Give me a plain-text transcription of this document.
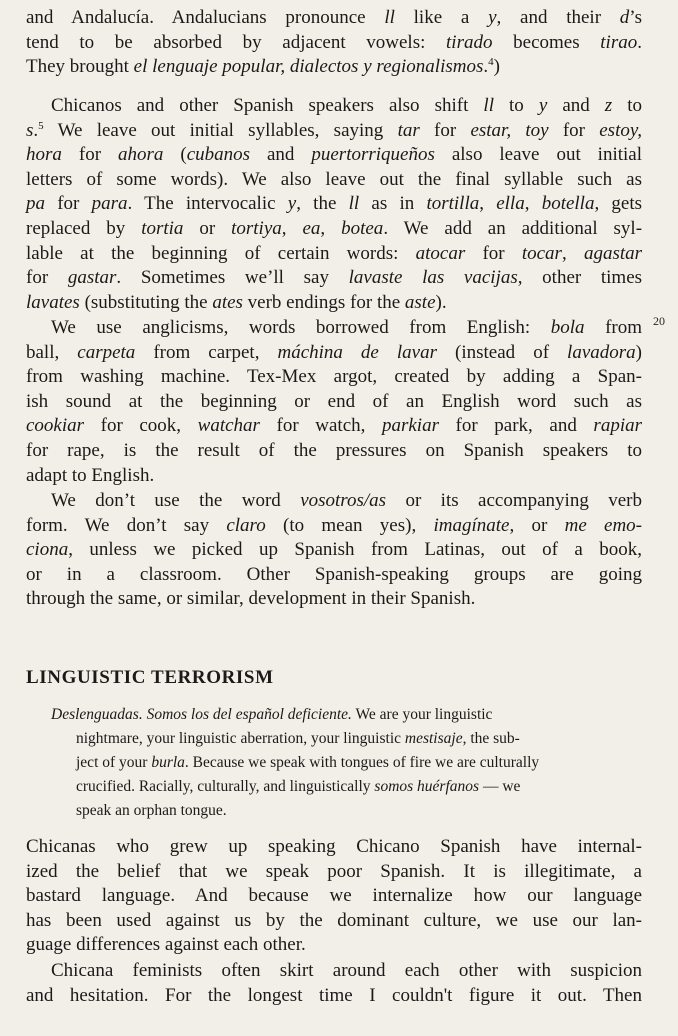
and Andalucía. Andalucians pronounce ll like a y, and their d’s
tend to be absorbed by adjacent vowels: tirado becomes tirao.
They brought el lenguaje popular, dialectos y regionalismos.$^4$)

Chicanos and other Spanish speakers also shift ll to y and z to
s.$^5$ We leave out initial syllables, saying tar for estar, toy for estoy,
hora for ahora (cubanos and puertorriqueños also leave out initial
letters of some words). We also leave out the final syllable such as
pa for para. The intervocalic y, the ll as in tortilla, ella, botella, gets
replaced by tortia or tortiya, ea, botea. We add an additional syl-
lable at the beginning of certain words: atocar for tocar, agastar
for gastar. Sometimes we’ll say lavaste las vacijas, other times
lavates (substituting the ates verb endings for the aste).

We use anglicisms, words borrowed from English: bola from
ball, carpeta from carpet, máchina de lavar (instead of lavadora)
from washing machine. Tex-Mex argot, created by adding a Span-
ish sound at the beginning or end of an English word such as
cookiar for cook, watchar for watch, parkiar for park, and rapiar
for rape, is the result of the pressures on Spanish speakers to
adapt to English.

We don’t use the word vosotros/as or its accompanying verb
form. We don’t say claro (to mean yes), imagínate, or me emo-
ciona, unless we picked up Spanish from Latinas, out of a book,
or in a classroom. Other Spanish-speaking groups are going
through the same, or similar, development in their Spanish.

LINGUISTIC TERRORISM
Deslenguadas. Somos los del español deficiente. We are your linguistic
nightmare, your linguistic aberration, your linguistic mestisaje, the sub-
ject of your burla. Because we speak with tongues of fire we are culturally
crucified. Racially, culturally, and linguistically somos huérfanos — we
speak an orphan tongue.

Chicanas who grew up speaking Chicano Spanish have internal-
ized the belief that we speak poor Spanish. It is illegitimate, a
bastard language. And because we internalize how our language
has been used against us by the dominant culture, we use our lan-
guage differences against each other.

Chicana feminists often skirt around each other with suspicion
and hesitation. For the longest time I couldn't figure it out. Then

20
